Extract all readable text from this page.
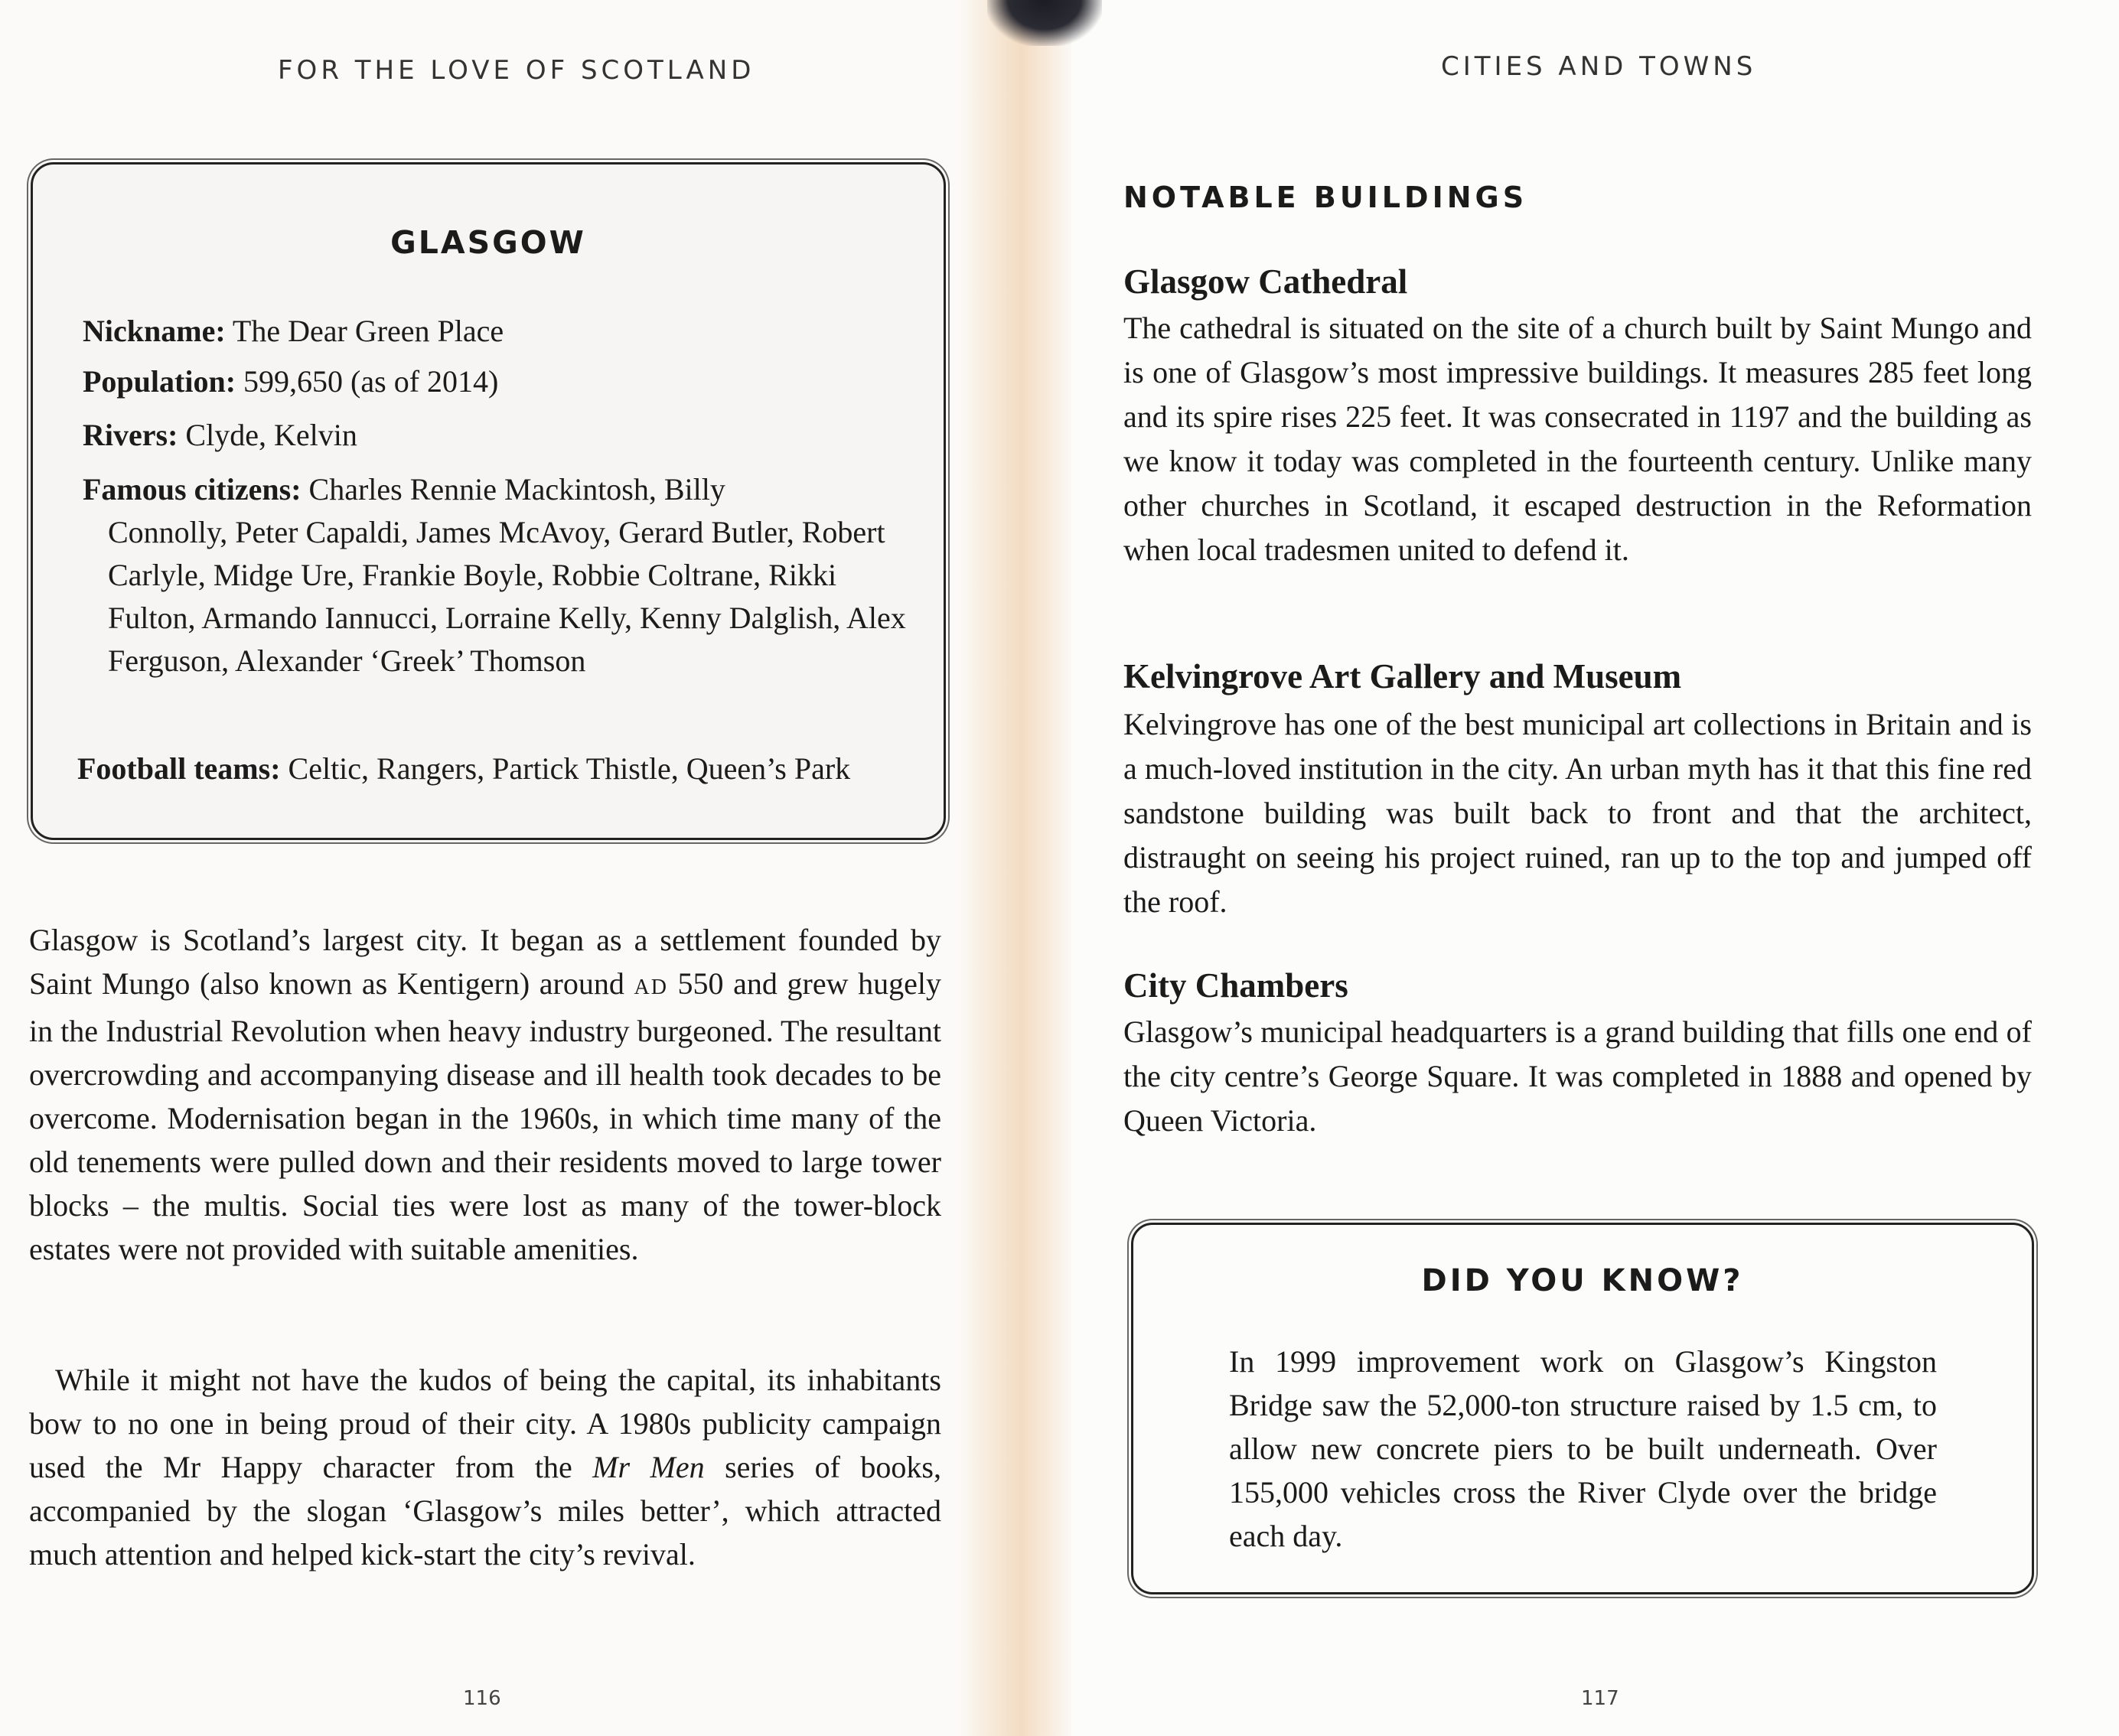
FOR THE LOVE OF SCOTLAND
GLASGOW
Nickname: The Dear Green Place
Population: 599,650 (as of 2014)
Rivers: Clyde, Kelvin
Famous citizens: Charles Rennie Mackintosh, Billy
Connolly, Peter Capaldi, James McAvoy, Gerard Butler, Robert Carlyle, Midge Ure, Frankie Boyle, Robbie Coltrane, Rikki Fulton, Armando Iannucci, Lorraine Kelly, Kenny Dalglish, Alex Ferguson, Alexander ‘Greek’ Thomson
Football teams: Celtic, Rangers, Partick Thistle, Queen’s Park
Glasgow is Scotland’s largest city. It began as a settlement founded by Saint Mungo (also known as Kentigern) around AD 550 and grew hugely in the Industrial Revolution when heavy industry burgeoned. The resultant overcrowding and accompanying disease and ill health took decades to be overcome. Modernisation began in the 1960s, in which time many of the old tenements were pulled down and their residents moved to large tower blocks – the multis. Social ties were lost as many of the tower-block estates were not provided with suitable amenities.
While it might not have the kudos of being the capital, its inhabitants bow to no one in being proud of their city. A 1980s publicity campaign used the Mr Happy character from the Mr Men series of books, accompanied by the slogan ‘Glasgow’s miles better’, which attracted much attention and helped kick-start the city’s revival.
116
CITIES AND TOWNS
NOTABLE BUILDINGS
Glasgow Cathedral
The cathedral is situated on the site of a church built by Saint Mungo and is one of Glasgow’s most impressive buildings. It measures 285 feet long and its spire rises 225 feet. It was consecrated in 1197 and the building as we know it today was completed in the fourteenth century. Unlike many other churches in Scotland, it escaped destruction in the Reformation when local tradesmen united to defend it.
Kelvingrove Art Gallery and Museum
Kelvingrove has one of the best municipal art collections in Britain and is a much-loved institution in the city. An urban myth has it that this fine red sandstone building was built back to front and that the architect, distraught on seeing his project ruined, ran up to the top and jumped off the roof.
City Chambers
Glasgow’s municipal headquarters is a grand building that fills one end of the city centre’s George Square. It was completed in 1888 and opened by Queen Victoria.
DID YOU KNOW?
In 1999 improvement work on Glasgow’s Kingston Bridge saw the 52,000-ton structure raised by 1.5 cm, to allow new concrete piers to be built underneath. Over 155,000 vehicles cross the River Clyde over the bridge each day.
117
